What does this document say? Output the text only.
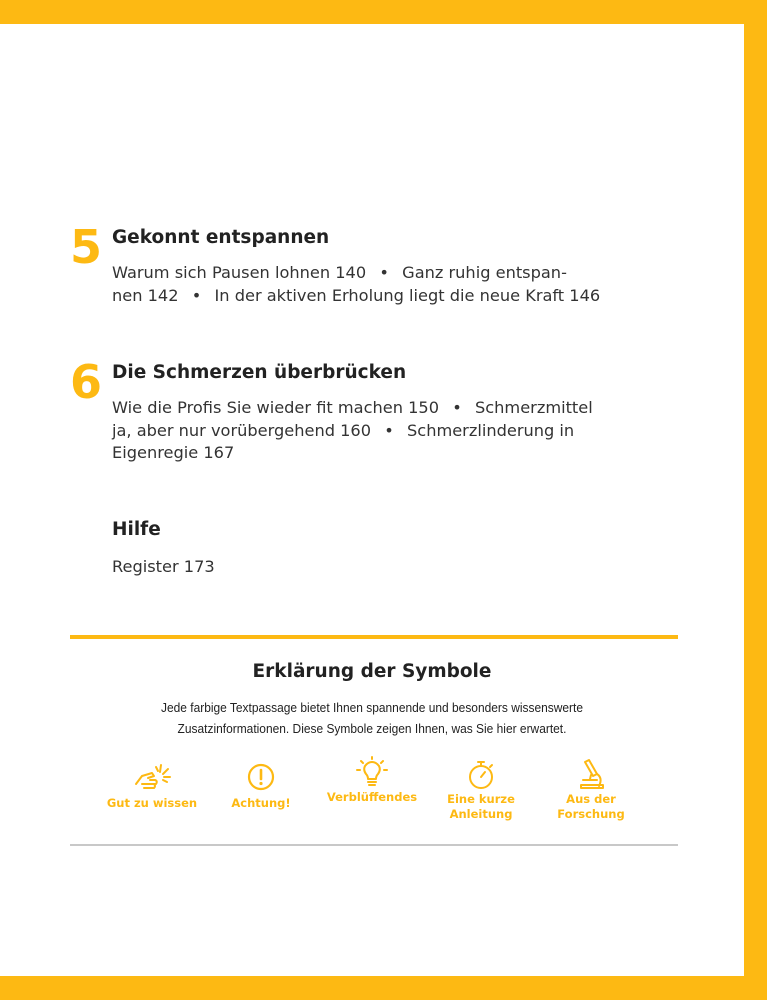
5 Gekonnt entspannen
Warum sich Pausen lohnen 140 • Ganz ruhig entspan-
nen 142 • In der aktiven Erholung liegt die neue Kraft 146
6 Die Schmerzen überbrücken
Wie die Profis Sie wieder fit machen 150 • Schmerzmittel
ja, aber nur vorübergehend 160 • Schmerzlinderung in
Eigenregie 167
Hilfe
Register 173
Erklärung der Symbole
Jede farbige Textpassage bietet Ihnen spannende und besonders wissenswerte
Zusatzinformationen. Diese Symbole zeigen Ihnen, was Sie hier erwartet.
Gut zu wissen	Achtung!	Verblüffendes	Eine kurze Anleitung
Aus der Forschung
